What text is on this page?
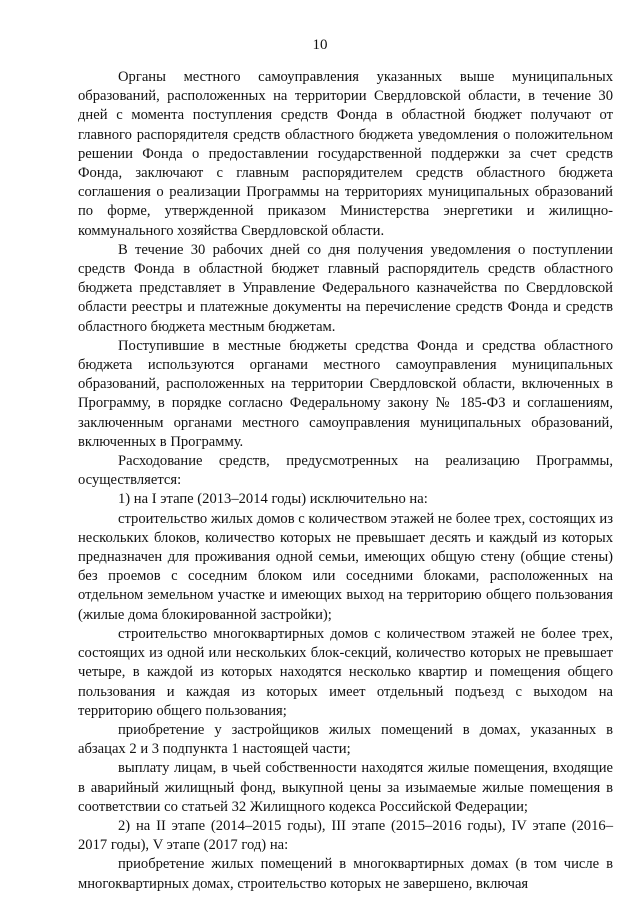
10

Органы местного самоуправления указанных выше муниципальных образований, расположенных на территории Свердловской области, в течение 30 дней с момента поступления средств Фонда в областной бюджет получают от главного распорядителя средств областного бюджета уведомления о положительном решении Фонда о предоставлении государственной поддержки за счет средств Фонда, заключают с главным распорядителем средств областного бюджета соглашения о реализации Программы на территориях муниципальных образований по форме, утвержденной приказом Министерства энергетики и жилищно-коммунального хозяйства Свердловской области.

В течение 30 рабочих дней со дня получения уведомления о поступлении средств Фонда в областной бюджет главный распорядитель средств областного бюджета представляет в Управление Федерального казначейства по Свердловской области реестры и платежные документы на перечисление средств Фонда и средств областного бюджета местным бюджетам.

Поступившие в местные бюджеты средства Фонда и средства областного бюджета используются органами местного самоуправления муниципальных образований, расположенных на территории Свердловской области, включенных в Программу, в порядке согласно Федеральному закону № 185-ФЗ и соглашениям, заключенным органами местного самоуправления муниципальных образований, включенных в Программу.

Расходование средств, предусмотренных на реализацию Программы, осуществляется:

1) на I этапе (2013–2014 годы) исключительно на:

строительство жилых домов с количеством этажей не более трех, состоящих из нескольких блоков, количество которых не превышает десять и каждый из которых предназначен для проживания одной семьи, имеющих общую стену (общие стены) без проемов с соседним блоком или соседними блоками, расположенных на отдельном земельном участке и имеющих выход на территорию общего пользования (жилые дома блокированной застройки);

строительство многоквартирных домов с количеством этажей не более трех, состоящих из одной или нескольких блок-секций, количество которых не превышает четыре, в каждой из которых находятся несколько квартир и помещения общего пользования и каждая из которых имеет отдельный подъезд с выходом на территорию общего пользования;

приобретение у застройщиков жилых помещений в домах, указанных в абзацах 2 и 3 подпункта 1 настоящей части;

выплату лицам, в чьей собственности находятся жилые помещения, входящие в аварийный жилищный фонд, выкупной цены за изымаемые жилые помещения в соответствии со статьей 32 Жилищного кодекса Российской Федерации;

2) на II этапе (2014–2015 годы), III этапе (2015–2016 годы), IV этапе (2016–2017 годы), V этапе (2017 год) на:

приобретение жилых помещений в многоквартирных домах (в том числе в многоквартирных домах, строительство которых не завершено, включая
